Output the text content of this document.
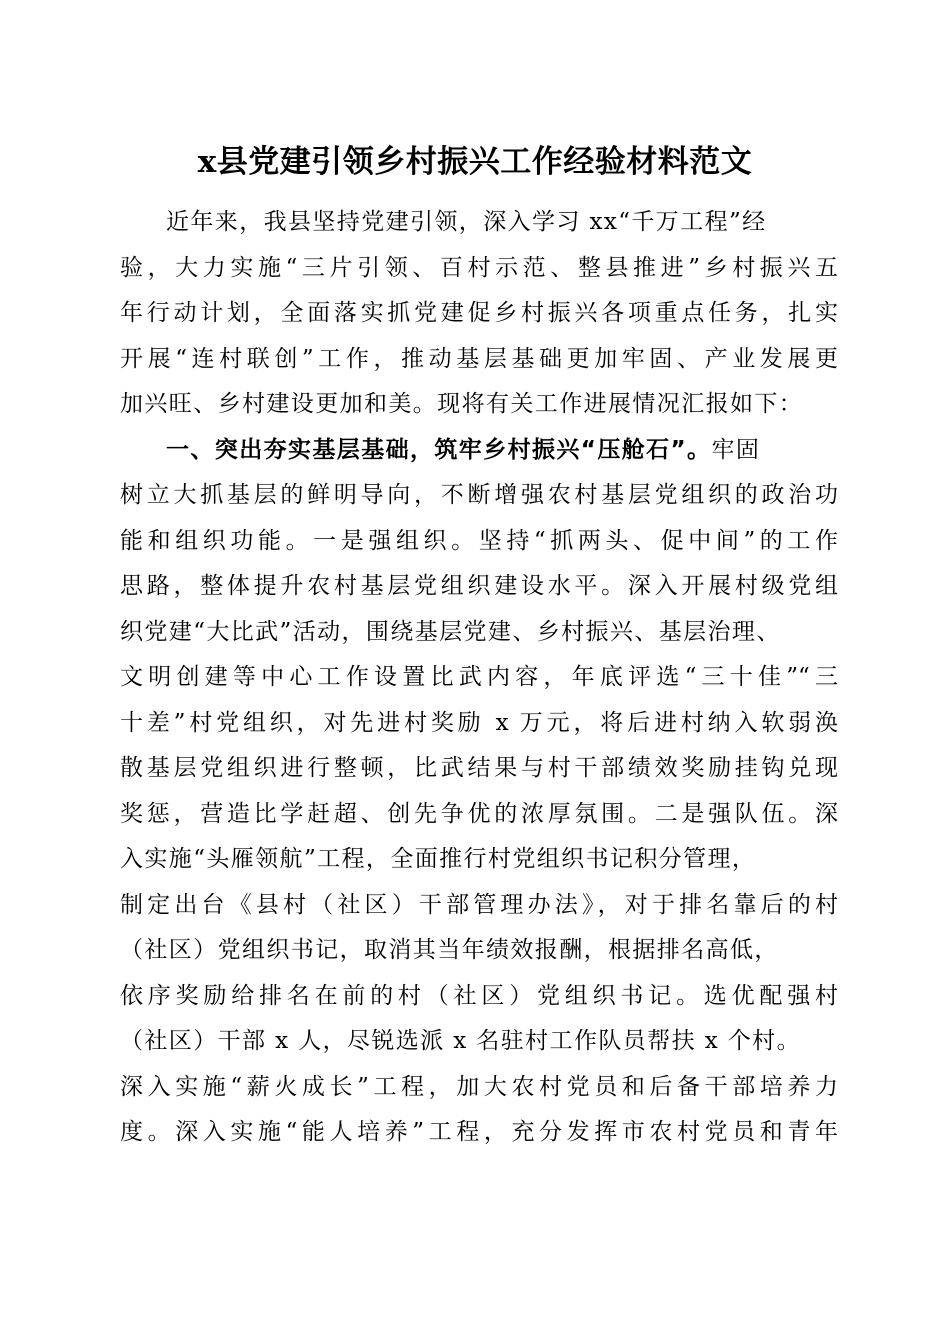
x县党建引领乡村振兴工作经验材料范文
近年来，我县坚持党建引领，深入学习 xx“千万工程”经
验，大力实施“三片引领、百村示范、整县推进”乡村振兴五
年行动计划，全面落实抓党建促乡村振兴各项重点任务，扎实
开展“连村联创”工作，推动基层基础更加牢固、产业发展更
加兴旺、乡村建设更加和美。现将有关工作进展情况汇报如下：
一、突出夯实基层基础，筑牢乡村振兴“压舱石”。牢固
树立大抓基层的鲜明导向，不断增强农村基层党组织的政治功
能和组织功能。一是强组织。坚持“抓两头、促中间”的工作
思路，整体提升农村基层党组织建设水平。深入开展村级党组
织党建“大比武”活动，围绕基层党建、乡村振兴、基层治理、
文明创建等中心工作设置比武内容，年底评选“三十佳”“三
十差”村党组织，对先进村奖励 x 万元，将后进村纳入软弱涣
散基层党组织进行整顿，比武结果与村干部绩效奖励挂钩兑现
奖惩，营造比学赶超、创先争优的浓厚氛围。二是强队伍。深
入实施“头雁领航”工程，全面推行村党组织书记积分管理，
制定出台《县村（社区）干部管理办法》，对于排名靠后的村
（社区）党组织书记，取消其当年绩效报酬，根据排名高低，
依序奖励给排名在前的村（社区）党组织书记。选优配强村
（社区）干部 x 人，尽锐选派 x 名驻村工作队员帮扶 x 个村。
深入实施“薪火成长”工程，加大农村党员和后备干部培养力
度。深入实施“能人培养”工程，充分发挥市农村党员和青年
